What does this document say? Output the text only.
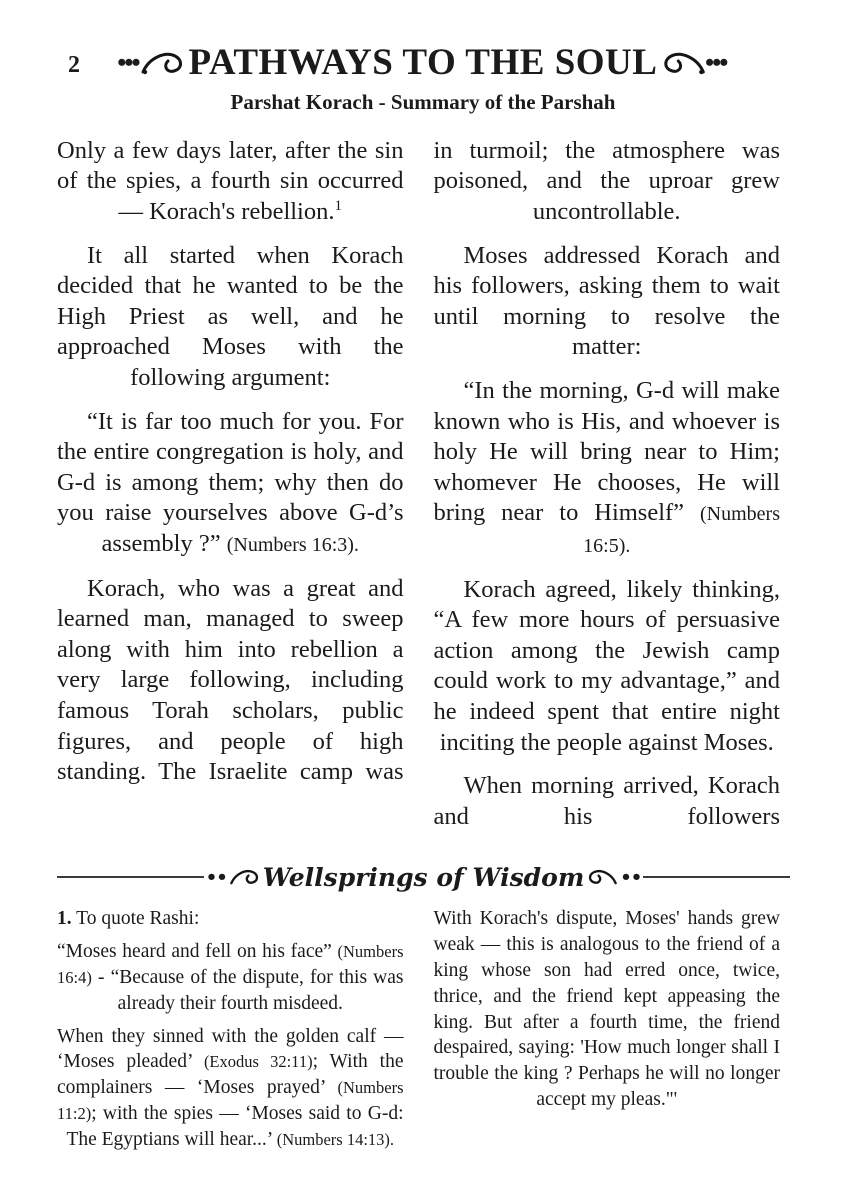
2 ••• PATHWAYS TO THE SOUL •••
Parshat Korach - Summary of the Parshah

Only a few days later, after the sin of the spies, a fourth sin occurred — Korach's rebellion.$^1$

It all started when Korach decided that he wanted to be the High Priest as well, and he approached Moses with the following argument:

“It is far too much for you. For the entire congregation is holy, and G-d is among them; why then do you raise yourselves above G-d’s assembly ?” (Numbers 16:3).

Korach, who was a great and learned man, managed to sweep along with him into rebellion a very large following, including famous Torah scholars, public figures, and people of high standing. The Israelite camp was

in turmoil; the atmosphere was poisoned, and the uproar grew uncontrollable.

Moses addressed Korach and his followers, asking them to wait until morning to resolve the matter:

“In the morning, G-d will make known who is His, and whoever is holy He will bring near to Him; whomever He chooses, He will bring near to Himself” (Numbers 16:5).

Korach agreed, likely thinking, “A few more hours of persuasive action among the Jewish camp could work to my advantage,” and he indeed spent that entire night inciting the people against Moses.

When morning arrived, Korach and his followers

•• Wellsprings of Wisdom ••

1. To quote Rashi:

“Moses heard and fell on his face” (Numbers 16:4) - “Because of the dispute, for this was already their fourth misdeed.

When they sinned with the golden calf — ‘Moses pleaded’ (Exodus 32:11); With the complainers — ‘Moses prayed’ (Numbers 11:2); with the spies — ‘Moses said to G-d: The Egyptians will hear...’ (Numbers 14:13).

With Korach's dispute, Moses' hands grew weak — this is analogous to the friend of a king whose son had erred once, twice, thrice, and the friend kept appeasing the king. But after a fourth time, the friend despaired, saying: 'How much longer shall I trouble the king ? Perhaps he will no longer accept my pleas."'
